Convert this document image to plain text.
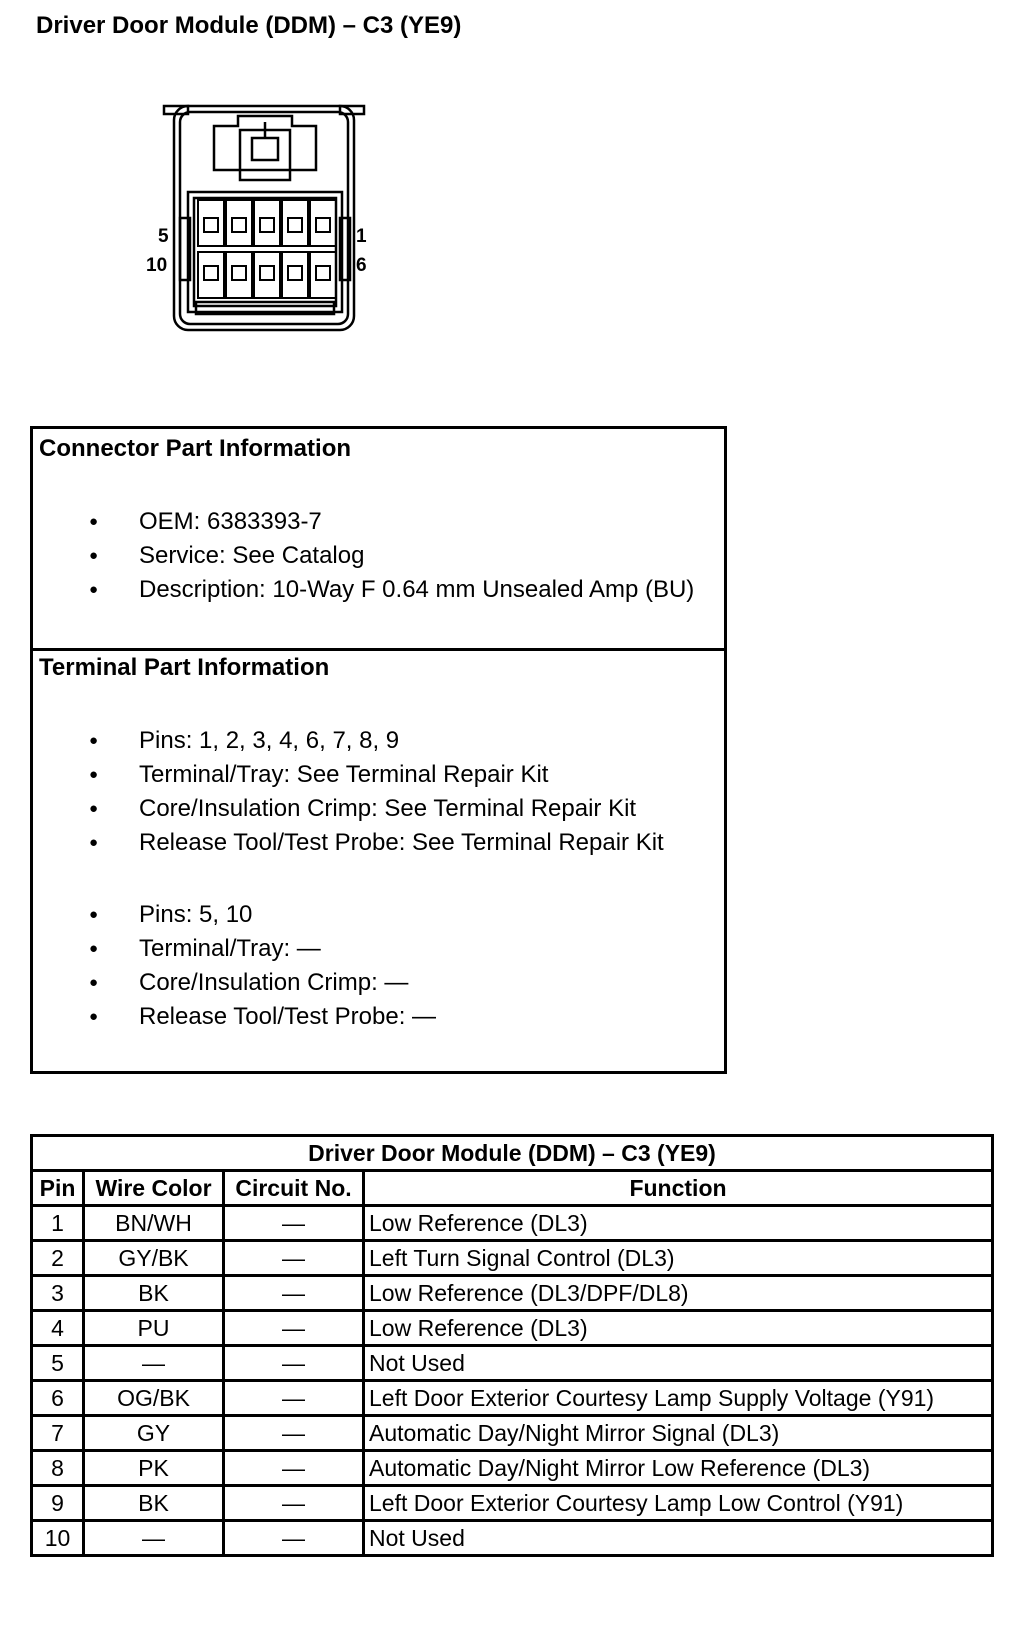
Driver Door Module (DDM) – C3 (YE9)
5
10
1
6
Connector Part Information
● OEM: 6383393-7
● Service: See Catalog
● Description: 10-Way F 0.64 mm Unsealed Amp (BU)
Terminal Part Information
● Pins: 1, 2, 3, 4, 6, 7, 8, 9
● Terminal/Tray: See Terminal Repair Kit
● Core/Insulation Crimp: See Terminal Repair Kit
● Release Tool/Test Probe: See Terminal Repair Kit
● Pins: 5, 10
● Terminal/Tray: —
● Core/Insulation Crimp: —
● Release Tool/Test Probe: —
Driver Door Module (DDM) – C3 (YE9)			
Pin	Wire Color	Circuit No.	Function
1	BN/WH	—	Low Reference (DL3)
2	GY/BK	—	Left Turn Signal Control (DL3)
3	BK	—	Low Reference (DL3/DPF/DL8)
4	PU	—	Low Reference (DL3)
5	—	—	Not Used
6	OG/BK	—	Left Door Exterior Courtesy Lamp Supply Voltage (Y91)
7	GY	—	Automatic Day/Night Mirror Signal (DL3)
8	PK	—	Automatic Day/Night Mirror Low Reference (DL3)
9	BK	—	Left Door Exterior Courtesy Lamp Low Control (Y91)
10	—	—	Not Used
